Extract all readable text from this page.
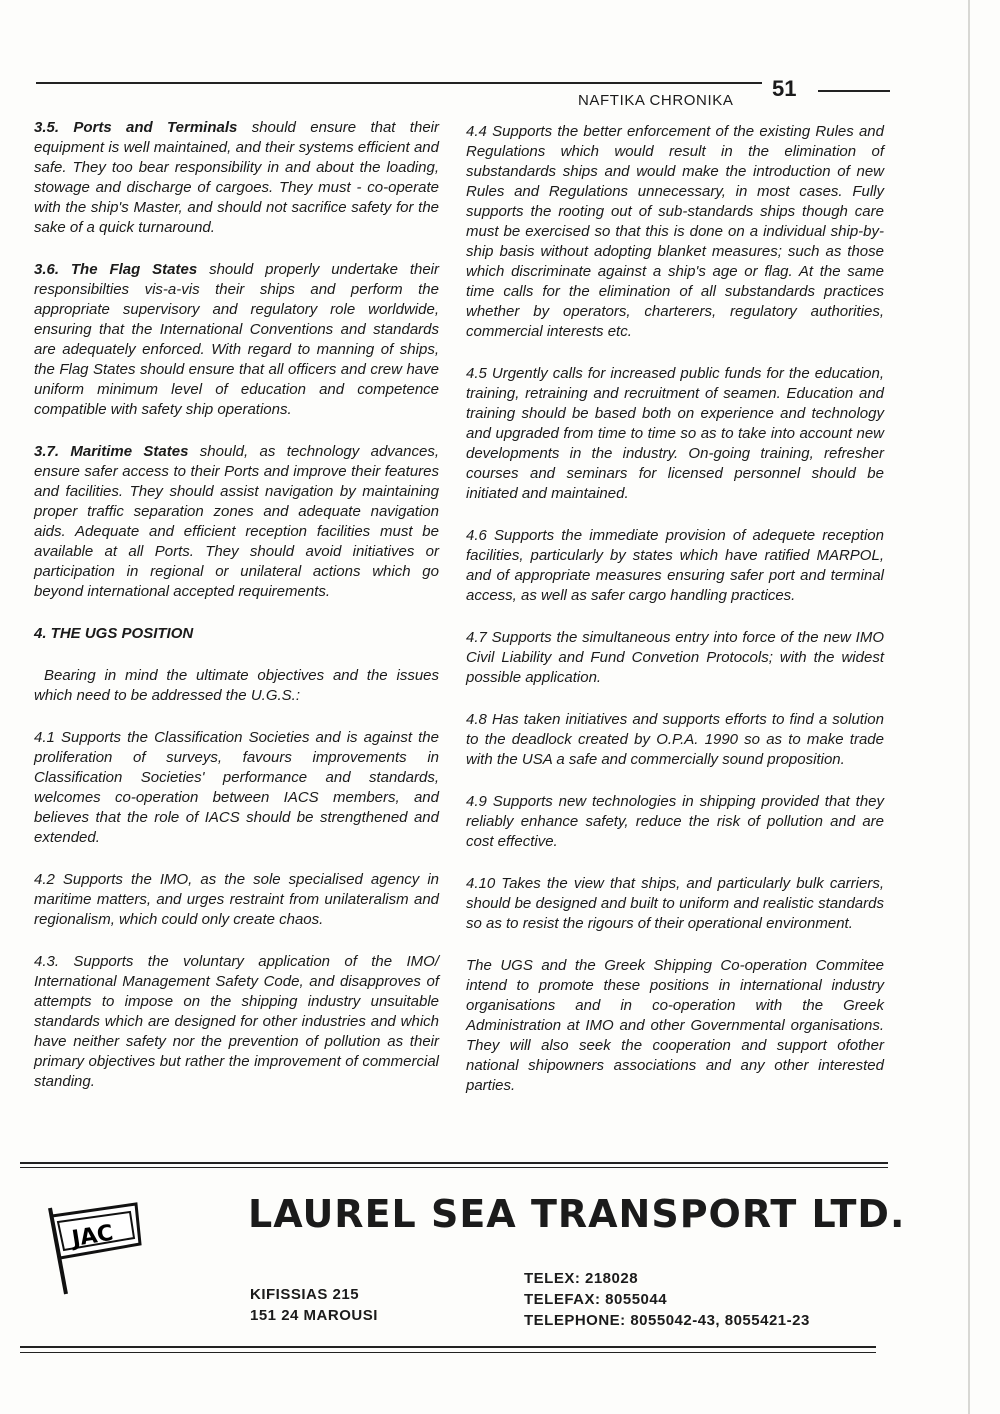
51
NAFTIKA CHRONIKA

3.5. Ports and Terminals should ensure that their equipment is well maintained, and their systems efficient and safe. They too bear responsibility in and about the loading, stowage and discharge of cargoes. They must - co-operate with the ship's Master, and should not sacrifice safety for the sake of a quick turnaround.

3.6. The Flag States should properly undertake their responsibilties vis-a-vis their ships and perform the appropriate supervisory and regulatory role worldwide, ensuring that the International Conventions and standards are adequately enforced. With regard to manning of ships, the Flag States should ensure that all officers and crew have uniform minimum level of education and competence compatible with safety ship operations.

3.7. Maritime States should, as technology advances, ensure safer access to their Ports and improve their features and facilities. They should assist navigation by maintaining proper traffic separation zones and adequate navigation aids. Adequate and efficient reception facilities must be available at all Ports. They should avoid initiatives or participation in regional or unilateral actions which go beyond international accepted requirements.

4. THE UGS POSITION

Bearing in mind the ultimate objectives and the issues which need to be addressed the U.G.S.:

4.1 Supports the Classification Societies and is against the proliferation of surveys, favours improvements in Classification Societies' performance and standards, welcomes co-operation between IACS members, and believes that the role of IACS should be strengthened and extended.

4.2 Supports the IMO, as the sole specialised agency in maritime matters, and urges restraint from unilateralism and regionalism, which could only create chaos.

4.3. Supports the voluntary application of the IMO/ International Management Safety Code, and disapproves of attempts to impose on the shipping industry unsuitable standards which are designed for other industries and which have neither safety nor the prevention of pollution as their primary objectives but rather the improvement of commercial standing.

4.4 Supports the better enforcement of the existing Rules and Regulations which would result in the elimination of substandards ships and would make the introduction of new Rules and Regulations unnecessary, in most cases. Fully supports the rooting out of sub-standards ships though care must be exercised so that this is done on a individual ship-by-ship basis without adopting blanket measures; such as those which discriminate against a ship's age or flag. At the same time calls for the elimination of all substandards practices whether by operators, charterers, regulatory authorities, commercial interests etc.

4.5 Urgently calls for increased public funds for the education, training, retraining and recruitment of seamen. Education and training should be based both on experience and technology and upgraded from time to time so as to take into account new developments in the industry. On-going training, refresher courses and seminars for licensed personnel should be initiated and maintained.

4.6 Supports the immediate provision of adequete reception facilities, particularly by states which have ratified MARPOL, and of appropriate measures ensuring safer port and terminal access, as well as safer cargo handling practices.

4.7 Supports the simultaneous entry into force of the new IMO Civil Liability and Fund Convetion Protocols; with the widest possible application.

4.8 Has taken initiatives and supports efforts to find a solution to the deadlock created by O.P.A. 1990 so as to make trade with the USA a safe and commercially sound proposition.

4.9 Supports new technologies in shipping provided that they reliably enhance safety, reduce the risk of pollution and are cost effective.

4.10 Takes the view that ships, and particularly bulk carriers, should be designed and built to uniform and realistic standards so as to resist the rigours of their operational environment.

The UGS and the Greek Shipping Co-operation Commitee intend to promote these positions in international industry organisations and in co-operation with the Greek Administration at IMO and other Governmental organisations. They will also seek the cooperation and support ofother national shipowners associations and any other interested parties.

JAC
LAUREL SEA TRANSPORT LTD.
KIFISSIAS 215
151 24 MAROUSI
TELEX: 218028
TELEFAX: 8055044
TELEPHONE: 8055042-43, 8055421-23
